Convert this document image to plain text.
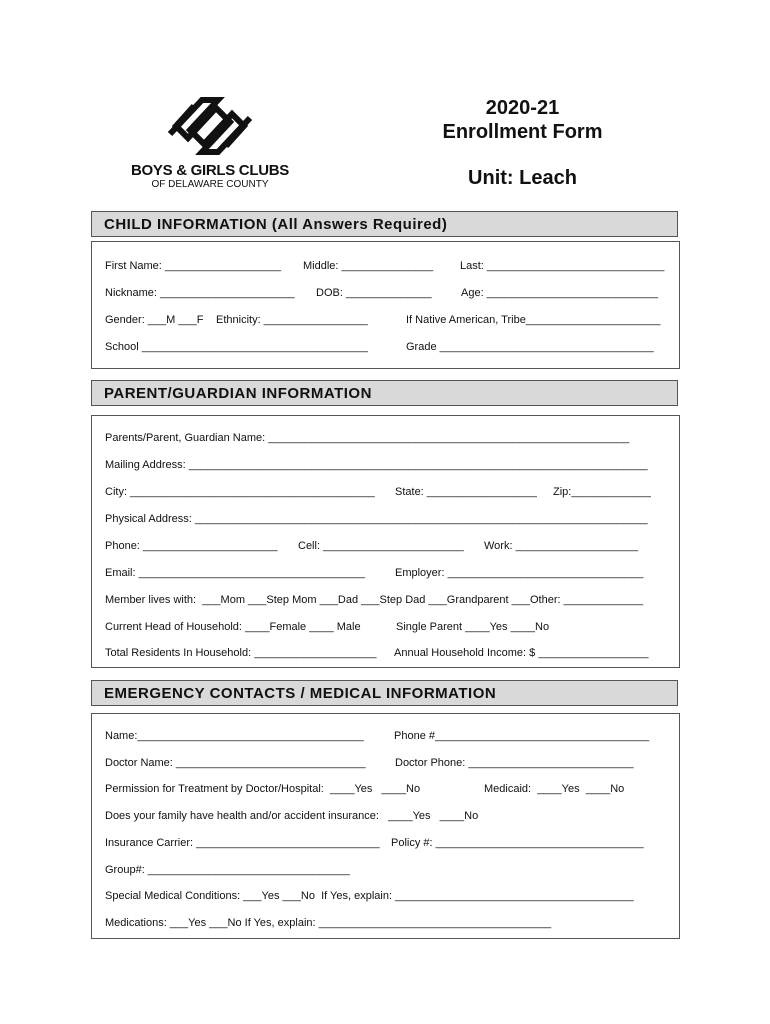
BOYS & GIRLS CLUBS
OF DELAWARE COUNTY
2020-21
Enrollment Form
Unit: Leach
CHILD INFORMATION (All Answers Required)
First Name: ___________________ Middle: _______________ Last: _____________________________
Nickname: ______________________ DOB: ______________	Age: ____________________________
Gender: ___M ___F Ethnicity: _________________	If Native American, Tribe______________________
School _____________________________________	Grade ___________________________________
PARENT/GUARDIAN INFORMATION
Parents/Parent, Guardian Name: ___________________________________________________________
Mailing Address: ___________________________________________________________________________
City: ________________________________________ State: __________________ Zip:_____________
Physical Address: __________________________________________________________________________
Phone: ______________________ Cell: _______________________ Work: ____________________
Email: _____________________________________	Employer: ________________________________
Member lives with:  ___Mom ___Step Mom ___Dad ___Step Dad ___Grandparent ___Other: _____________
Current Head of Household: ____Female ____ Male	Single Parent ____Yes ____No
Total Residents In Household: ____________________ Annual Household Income: $ __________________
EMERGENCY CONTACTS / MEDICAL INFORMATION
Name:_____________________________________	Phone #___________________________________
Doctor Name: _______________________________	Doctor Phone: ___________________________
Permission for Treatment by Doctor/Hospital:  ____Yes   ____No	Medicaid:  ____Yes  ____No
Does your family have health and/or accident insurance:   ____Yes   ____No
Insurance Carrier: ______________________________ Policy #: __________________________________
Group#: _________________________________
Special Medical Conditions: ___Yes ___No  If Yes, explain: _______________________________________
Medications: ___Yes ___No If Yes, explain: ______________________________________
